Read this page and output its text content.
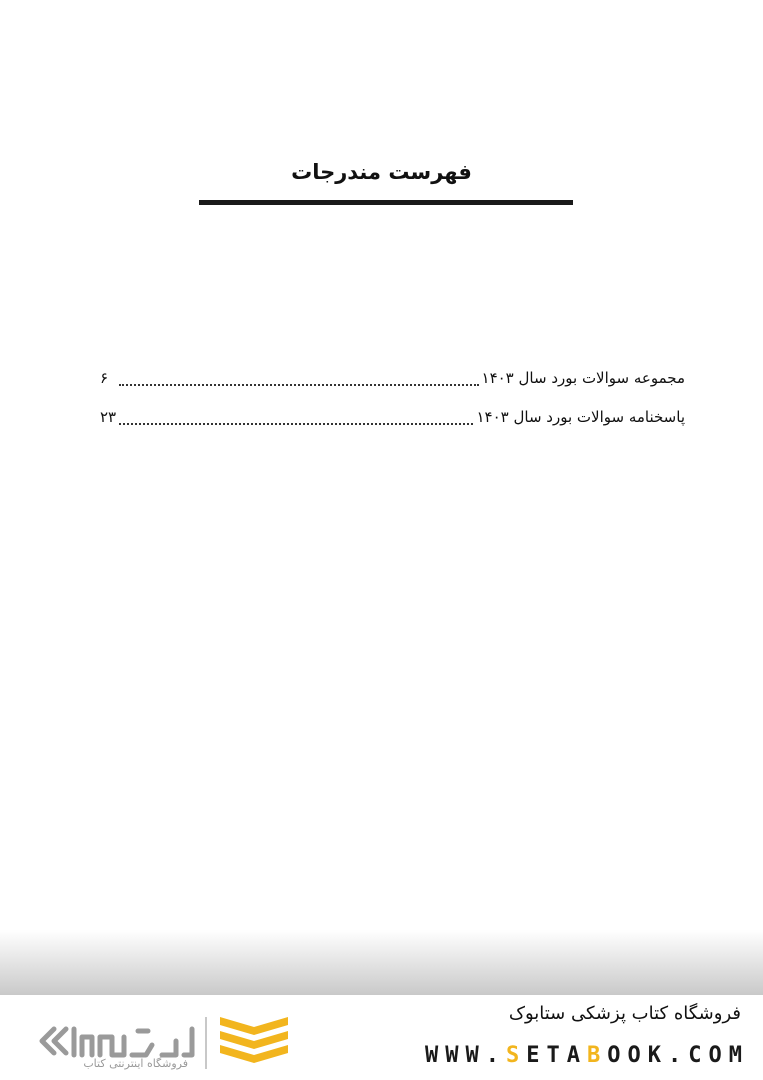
فهرست مندرجات
مجموعه سوالات بورد سال ۱۴۰۳
۶
پاسخنامه سوالات بورد سال ۱۴۰۳
۲۳
فروشگاه اینترنتی کتاب
فروشگاه کتاب پزشکی ستابوک
WWW.SETABOOK.COM
